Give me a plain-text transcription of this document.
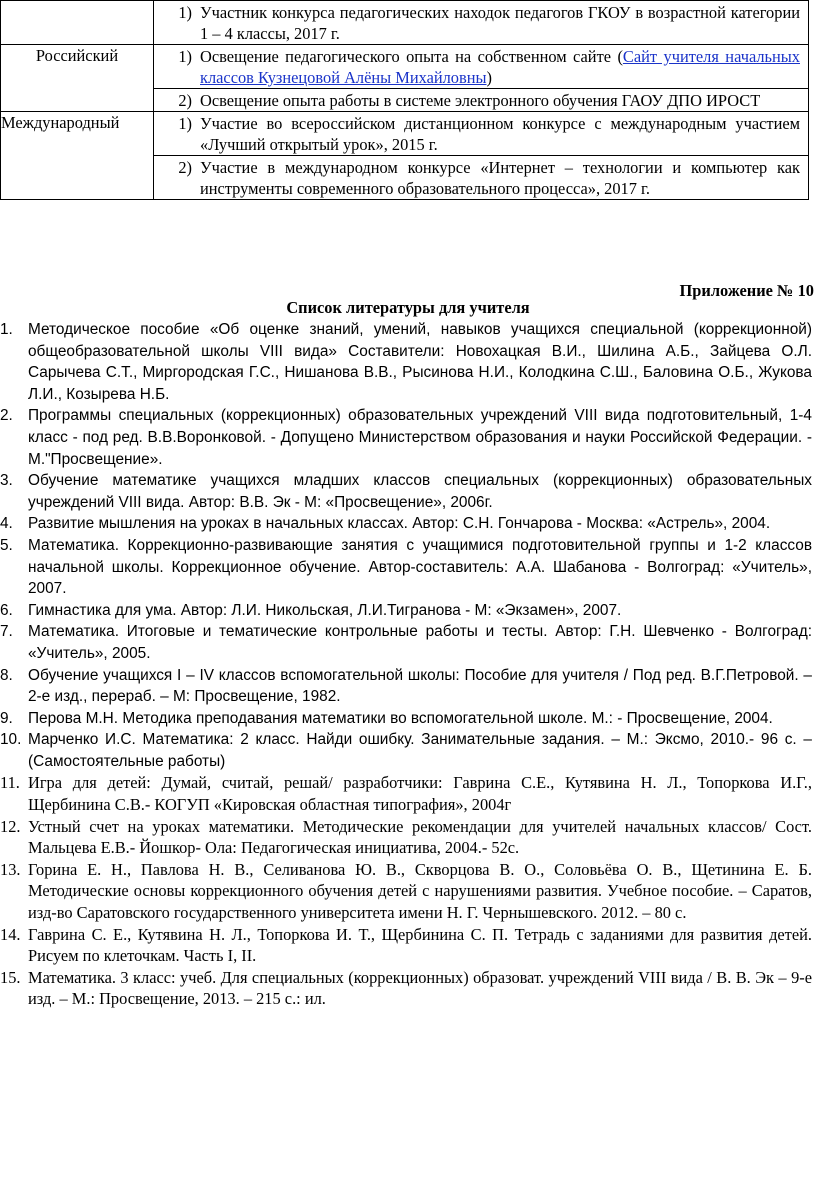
	1) Участник конкурса педагогических находок педагогов ГКОУ в возрастной категории 1 – 4 классы, 2017 г.

Российский	1) Освещение педагогического опыта на собственном сайте (Сайт учителя начальных классов Кузнецовой Алёны Михайловны)

	2) Освещение опыта работы в системе электронного обучения ГАОУ ДПО ИРОСТ

Международный	1) Участие во всероссийском дистанционном конкурсе с международным участием «Лучший открытый урок», 2015 г.

	2) Участие в международном конкурсе «Интернет – технологии и компьютер как инструменты современного образовательного процесса», 2017 г.
Приложение № 10
Список литературы для учителя
1. Методическое пособие «Об оценке знаний, умений, навыков учащихся специальной (коррекционной) общеобразовательной школы VIII вида» Составители: Новохацкая В.И., Шилина А.Б., Зайцева О.Л. Сарычева С.Т., Миргородская Г.С., Нишанова В.В., Рысинова Н.И., Колодкина С.Ш., Баловина О.Б., Жукова Л.И., Козырева Н.Б.
2. Программы специальных (коррекционных) образовательных учреждений VIII вида подготовительный, 1-4 класс - под ред. В.В.Воронковой. - Допущено Министерством образования и науки Российской Федерации. - М."Просвещение».
3. Обучение математике учащихся младших классов специальных (коррекционных) образовательных учреждений VIII вида. Автор: В.В. Эк - М: «Просвещение», 2006г.
4. Развитие мышления на уроках в начальных классах. Автор: С.Н. Гончарова - Москва: «Астрель», 2004.
5. Математика. Коррекционно-развивающие занятия с учащимися подготовительной группы и 1-2 классов начальной школы. Коррекционное обучение. Автор-составитель: А.А. Шабанова - Волгоград: «Учитель», 2007.
6. Гимнастика для ума. Автор: Л.И. Никольская, Л.И.Тигранова - М: «Экзамен», 2007.
7. Математика. Итоговые и тематические контрольные работы и тесты. Автор: Г.Н. Шевченко - Волгоград: «Учитель», 2005.
8. Обучение учащихся I – IV классов вспомогательной школы: Пособие для учителя / Под ред. В.Г.Петровой. – 2-е изд., перераб. – М: Просвещение, 1982.
9. Перова М.Н. Методика преподавания математики во вспомогательной школе. М.: - Просвещение, 2004.
10. Марченко И.С. Математика: 2 класс. Найди ошибку. Занимательные задания. – М.: Эксмо, 2010.- 96 с. – (Самостоятельные работы)
11. Игра для детей: Думай, считай, решай/ разработчики: Гаврина С.Е., Кутявина Н. Л., Топоркова И.Г., Щербинина С.В.- КОГУП «Кировская областная типография», 2004г
12. Устный счет на уроках математики. Методические рекомендации для учителей начальных классов/ Сост. Мальцева Е.В.- Йошкор- Ола: Педагогическая инициатива, 2004.- 52с.
13. Горина Е. Н., Павлова Н. В., Селиванова Ю. В., Скворцова В. О., Соловьёва О. В., Щетинина Е. Б. Методические основы коррекционного обучения детей с нарушениями развития. Учебное пособие. – Саратов, изд-во Саратовского государственного университета имени Н. Г. Чернышевского. 2012. – 80 с.
14. Гаврина С. Е., Кутявина Н. Л., Топоркова И. Т., Щербинина С. П. Тетрадь с заданиями для развития детей. Рисуем по клеточкам. Часть I, II.
15. Математика. 3 класс: учеб. Для специальных (коррекционных) образоват. учреждений VIII вида / В. В. Эк – 9-е изд. – М.: Просвещение, 2013. – 215 с.: ил.
